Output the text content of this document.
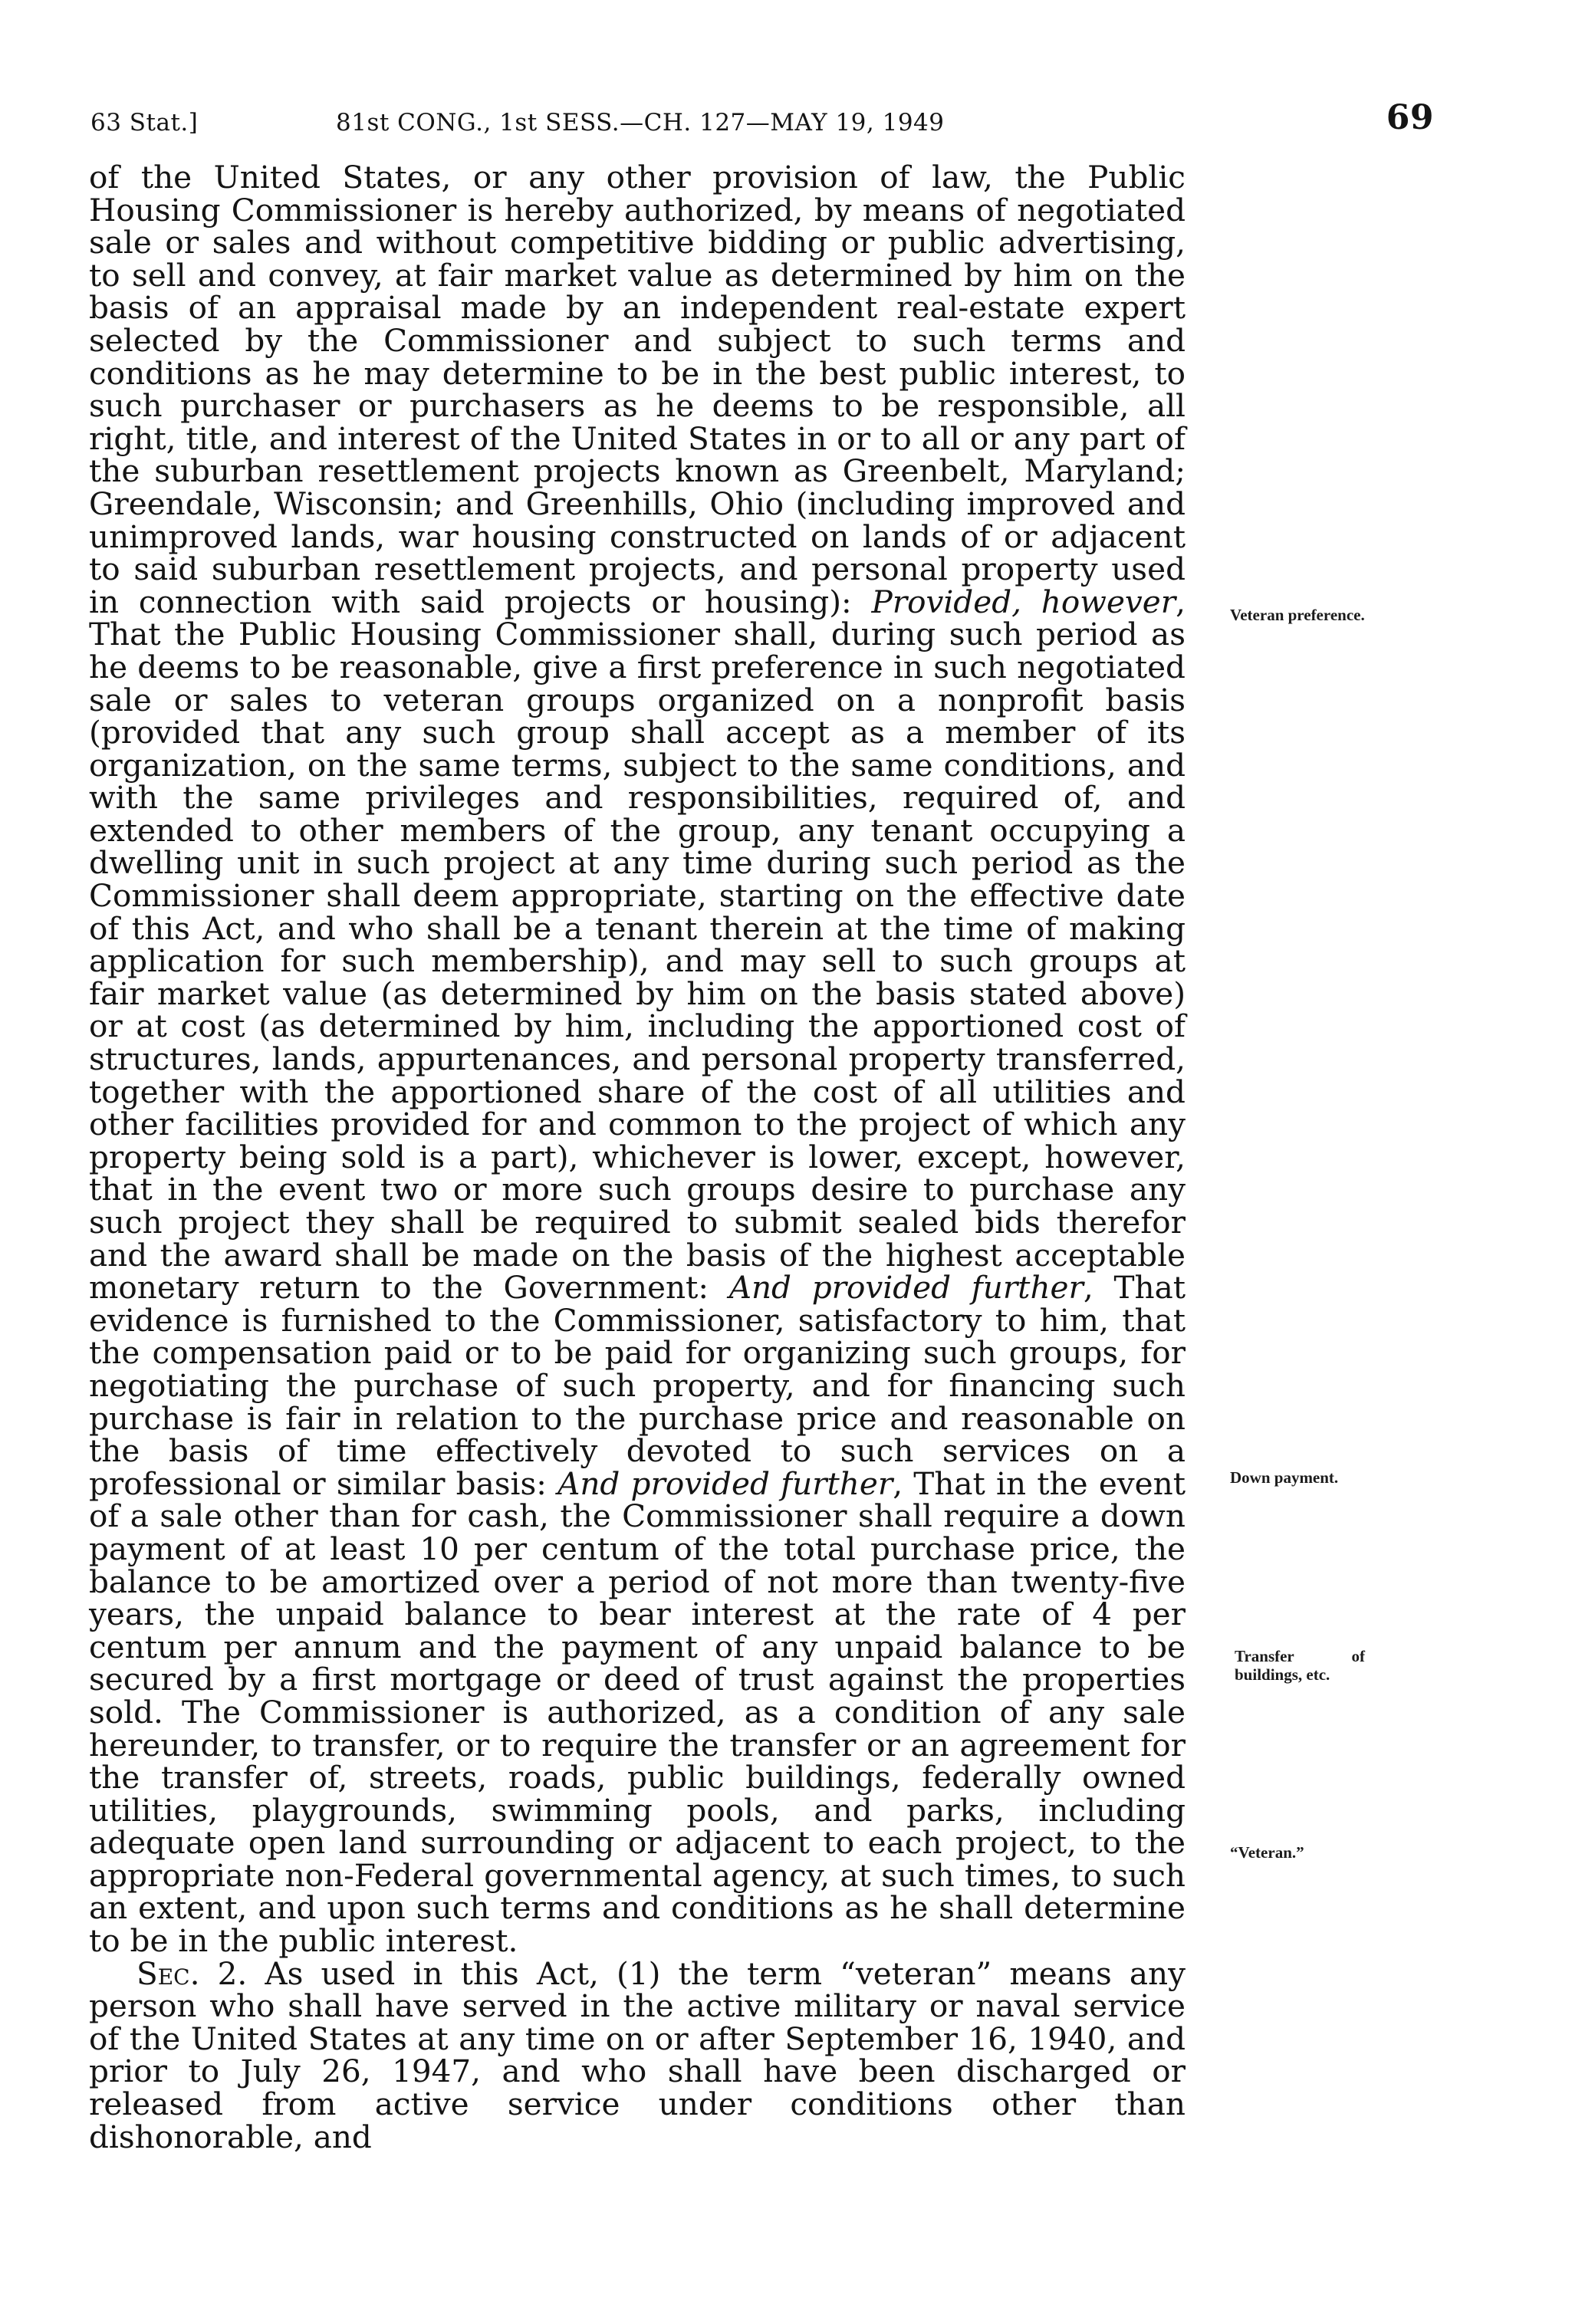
63 Stat.]	81st CONG., 1st SESS.—CH. 127—MAY 19, 1949	69

of the United States, or any other provision of law, the Public Housing Commissioner is hereby authorized, by means of negotiated sale or sales and without competitive bidding or public advertising, to sell and convey, at fair market value as determined by him on the basis of an appraisal made by an independent real-estate expert selected by the Commissioner and subject to such terms and conditions as he may determine to be in the best public interest, to such purchaser or purchasers as he deems to be responsible, all right, title, and interest of the United States in or to all or any part of the suburban resettlement projects known as Greenbelt, Maryland; Greendale, Wisconsin; and Greenhills, Ohio (including improved and unimproved lands, war housing constructed on lands of or adjacent to said suburban resettlement projects, and personal property used in connection with said projects or housing): Provided, however, That the Public Housing Commissioner shall, during such period as he deems to be reasonable, give a first preference in such negotiated sale or sales to veteran groups organized on a nonprofit basis (provided that any such group shall accept as a member of its organization, on the same terms, subject to the same conditions, and with the same privileges and responsibilities, required of, and extended to other members of the group, any tenant occupying a dwelling unit in such project at any time during such period as the Commissioner shall deem appropriate, starting on the effective date of this Act, and who shall be a tenant therein at the time of making application for such membership), and may sell to such groups at fair market value (as determined by him on the basis stated above) or at cost (as determined by him, including the apportioned cost of structures, lands, appurtenances, and personal property transferred, together with the apportioned share of the cost of all utilities and other facilities provided for and common to the project of which any property being sold is a part), whichever is lower, except, however, that in the event two or more such groups desire to purchase any such project they shall be required to submit sealed bids therefor and the award shall be made on the basis of the highest acceptable monetary return to the Government: And provided further, That evidence is furnished to the Commissioner, satisfactory to him, that the compensation paid or to be paid for organizing such groups, for negotiating the purchase of such property, and for financing such purchase is fair in relation to the purchase price and reasonable on the basis of time effectively devoted to such services on a professional or similar basis: And provided further, That in the event of a sale other than for cash, the Commissioner shall require a down payment of at least 10 per centum of the total purchase price, the balance to be amortized over a period of not more than twenty-five years, the unpaid balance to bear interest at the rate of 4 per centum per annum and the payment of any unpaid balance to be secured by a first mortgage or deed of trust against the properties sold. The Commissioner is authorized, as a condition of any sale hereunder, to transfer, or to require the transfer or an agreement for the transfer of, streets, roads, public buildings, federally owned utilities, playgrounds, swimming pools, and parks, including adequate open land surrounding or adjacent to each project, to the appropriate non-Federal governmental agency, at such times, to such an extent, and upon such terms and conditions as he shall determine to be in the public interest.

Sec. 2. As used in this Act, (1) the term “veteran” means any person who shall have served in the active military or naval service of the United States at any time on or after September 16, 1940, and prior to July 26, 1947, and who shall have been discharged or released from active service under conditions other than dishonorable, and

Veteran preference.
Down payment.
Transfer of buildings, etc.
“Veteran.”
